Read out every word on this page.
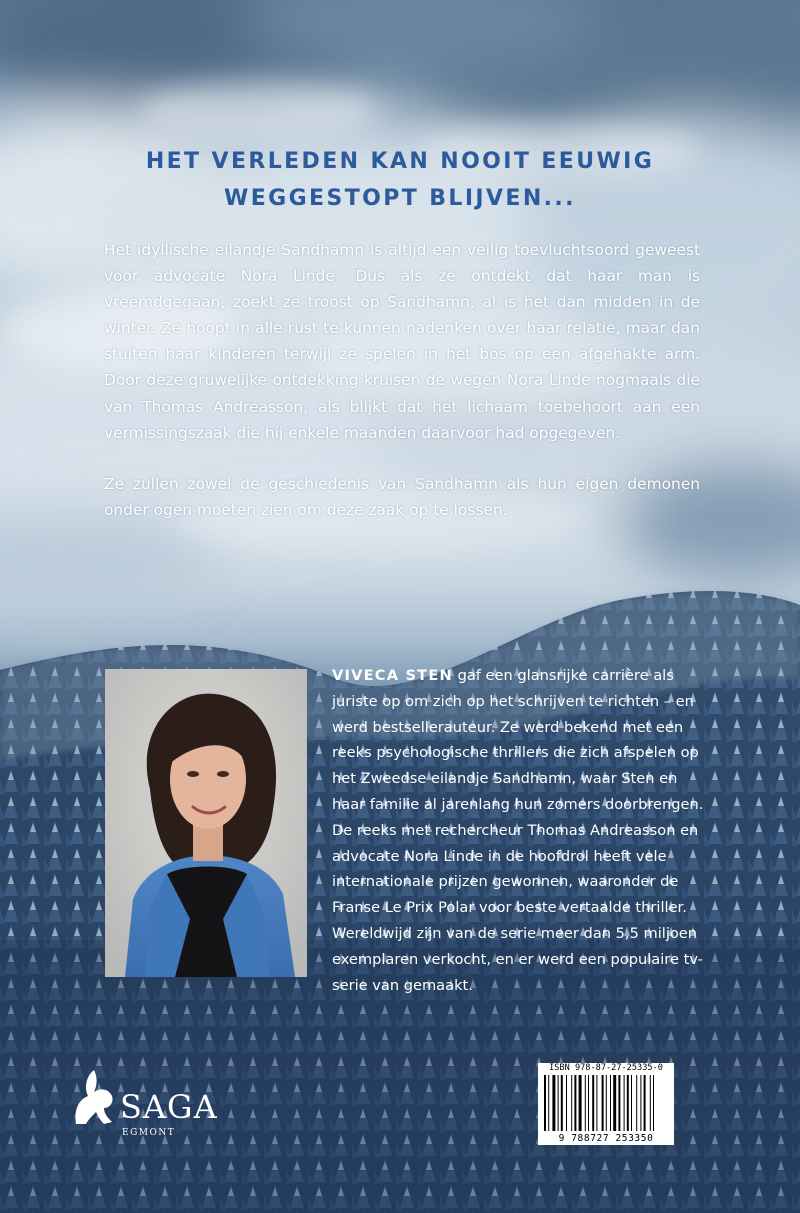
HET VERLEDEN KAN NOOIT EEUWIG
WEGGESTOPT BLIJVEN...

Het idyllische eilandje Sandhamn is altijd een veilig toevluchtsoord geweest voor advocate Nora Linde. Dus als ze ontdekt dat haar man is vreemdgegaan, zoekt ze troost op Sandhamn, al is het dan midden in de winter. Ze hoopt in alle rust te kunnen nadenken over haar relatie, maar dan stuiten haar kinderen terwijl ze spelen in het bos op een afgehakte arm. Door deze gruwelijke ontdekking kruisen de wegen Nora Linde nogmaals die van Thomas Andreasson, als blijkt dat het lichaam toebehoort aan een vermissingszaak die hij enkele maanden daarvoor had opgegeven.

Ze zullen zowel de geschiedenis van Sandhamn als hun eigen demonen onder ogen moeten zien om deze zaak op te lossen.

VIVECA STEN gaf een glansrijke carrière als juriste op om zich op het schrijven te richten – en werd bestsellerauteur. Ze werd bekend met een reeks psychologische thrillers die zich afspelen op het Zweedse eilandje Sandhamn, waar Sten en haar familie al jarenlang hun zomers doorbrengen. De reeks met rechercheur Thomas Andreasson en advocate Nora Linde in de hoofdrol heeft vele internationale prijzen gewonnen, waaronder de Franse Le Prix Polar voor beste vertaalde thriller. Wereldwijd zijn van de serie meer dan 5,5 miljoen exemplaren verkocht, en er werd een populaire tv-serie van gemaakt.
SAGA
EGMONT
ISBN 978-87-27-25335-0
9 788727 253350
